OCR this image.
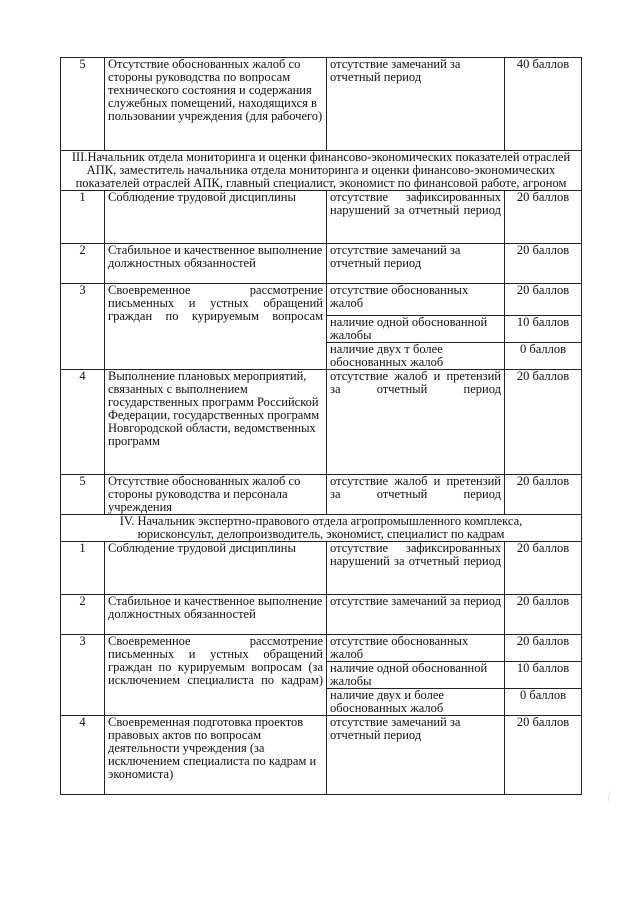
5	Отсутствие обоснованных жалоб со стороны руководства по вопросам технического состояния и содержания служебных помещений, находящихся в пользовании учреждения (для рабочего)	отсутствие замечаний за отчетный период	40 баллов
III.Начальник отдела мониторинга и оценки финансово-экономических показателей отраслей АПК, заместитель начальника отдела мониторинга и оценки финансово-экономических показателей отраслей АПК, главный специалист, экономист по финансовой работе, агроном			
1	Соблюдение трудовой дисциплины	отсутствие зафиксированных нарушений за отчетный период	20 баллов
2	Стабильное и качественное выполнение должностных обязанностей	отсутствие замечаний за отчетный период	20 баллов
3	Своевременное рассмотрение письменных и устных обращений граждан по курируемым вопросам	отсутствие обоснованных жалоб	20 баллов
		наличие одной обоснованной жалобы	10 баллов
		наличие двух т более обоснованных жалоб	0 баллов
4	Выполнение плановых мероприятий, связанных с выполнением государственных программ Российской Федерации, государственных программ Новгородской области, ведомственных программ	отсутствие жалоб и претензий за отчетный период	20 баллов
5	Отсутствие обоснованных жалоб со стороны руководства и персонала учреждения	отсутствие жалоб и претензий за отчетный период	20 баллов
IV. Начальник экспертно-правового отдела агропромышленного комплекса, юрисконсульт, делопроизводитель, экономист, специалист по кадрам			
1	Соблюдение трудовой дисциплины	отсутствие зафиксированных нарушений за отчетный период	20 баллов
2	Стабильное и качественное выполнение должностных обязанностей	отсутствие замечаний за период	20 баллов
3	Своевременное рассмотрение письменных и устных обращений граждан по курируемым вопросам (за исключением специалиста по кадрам)	отсутствие обоснованных жалоб	20 баллов
		наличие одной обоснованной жалобы	10 баллов
		наличие двух и более обоснованных жалоб	0 баллов
4	Своевременная подготовка проектов правовых актов по вопросам деятельности учреждения (за исключением специалиста по кадрам и экономиста)	отсутствие замечаний за отчетный период	20 баллов
—
